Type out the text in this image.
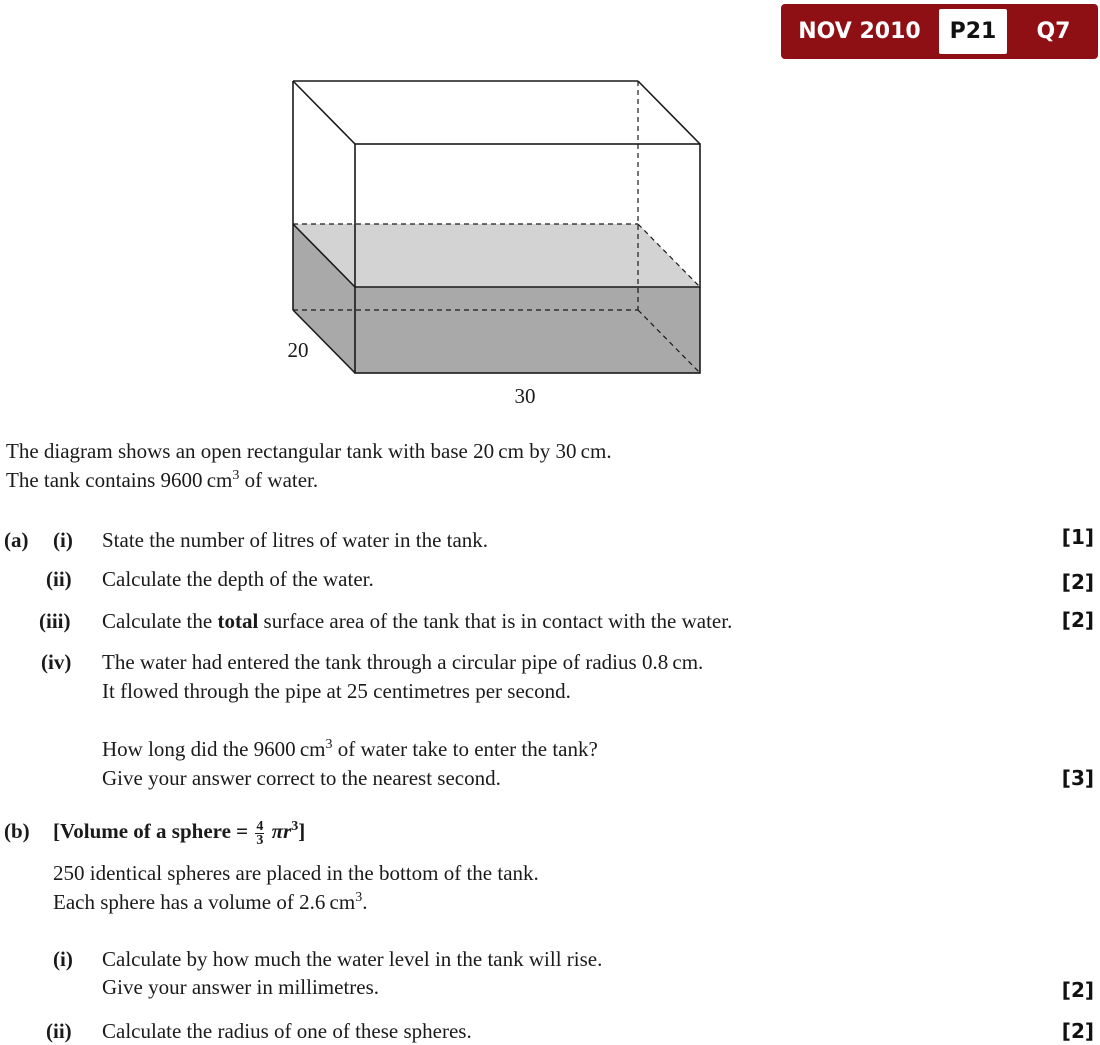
NOV 2010	P21	Q7
20
30
The diagram shows an open rectangular tank with base 20 cm by 30 cm.
The tank contains 9600 $cm^3$ of water.
(a) (i) State the number of litres of water in the tank.	[1]
(ii) Calculate the depth of the water.	[2]
(iii) Calculate the total surface area of the tank that is in contact with the water.	[2]
(iv) The water had entered the tank through a circular pipe of radius 0.8 cm.
It flowed through the pipe at 25 centimetres per second.
How long did the 9600 $cm^3$ of water take to enter the tank?
Give your answer correct to the nearest second.	[3]
(b) [Volume of a sphere = $\frac{4}{3} \pi r^3$]
250 identical spheres are placed in the bottom of the tank.
Each sphere has a volume of 2.6 $cm^3$.
(i) Calculate by how much the water level in the tank will rise.
Give your answer in millimetres.	[2]
(ii) Calculate the radius of one of these spheres.	[2]
